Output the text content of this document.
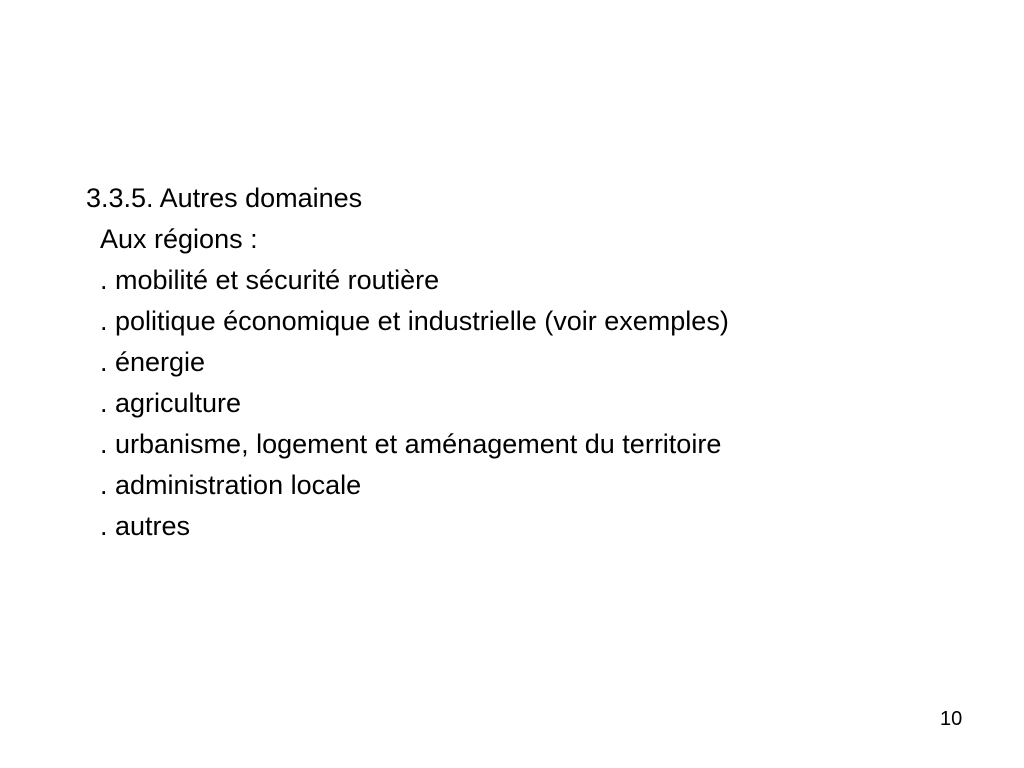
3.3.5. Autres domaines
Aux régions :
. mobilité et sécurité routière
. politique économique et industrielle (voir exemples)
. énergie
. agriculture
. urbanisme, logement et aménagement du territoire
. administration locale
. autres
10
